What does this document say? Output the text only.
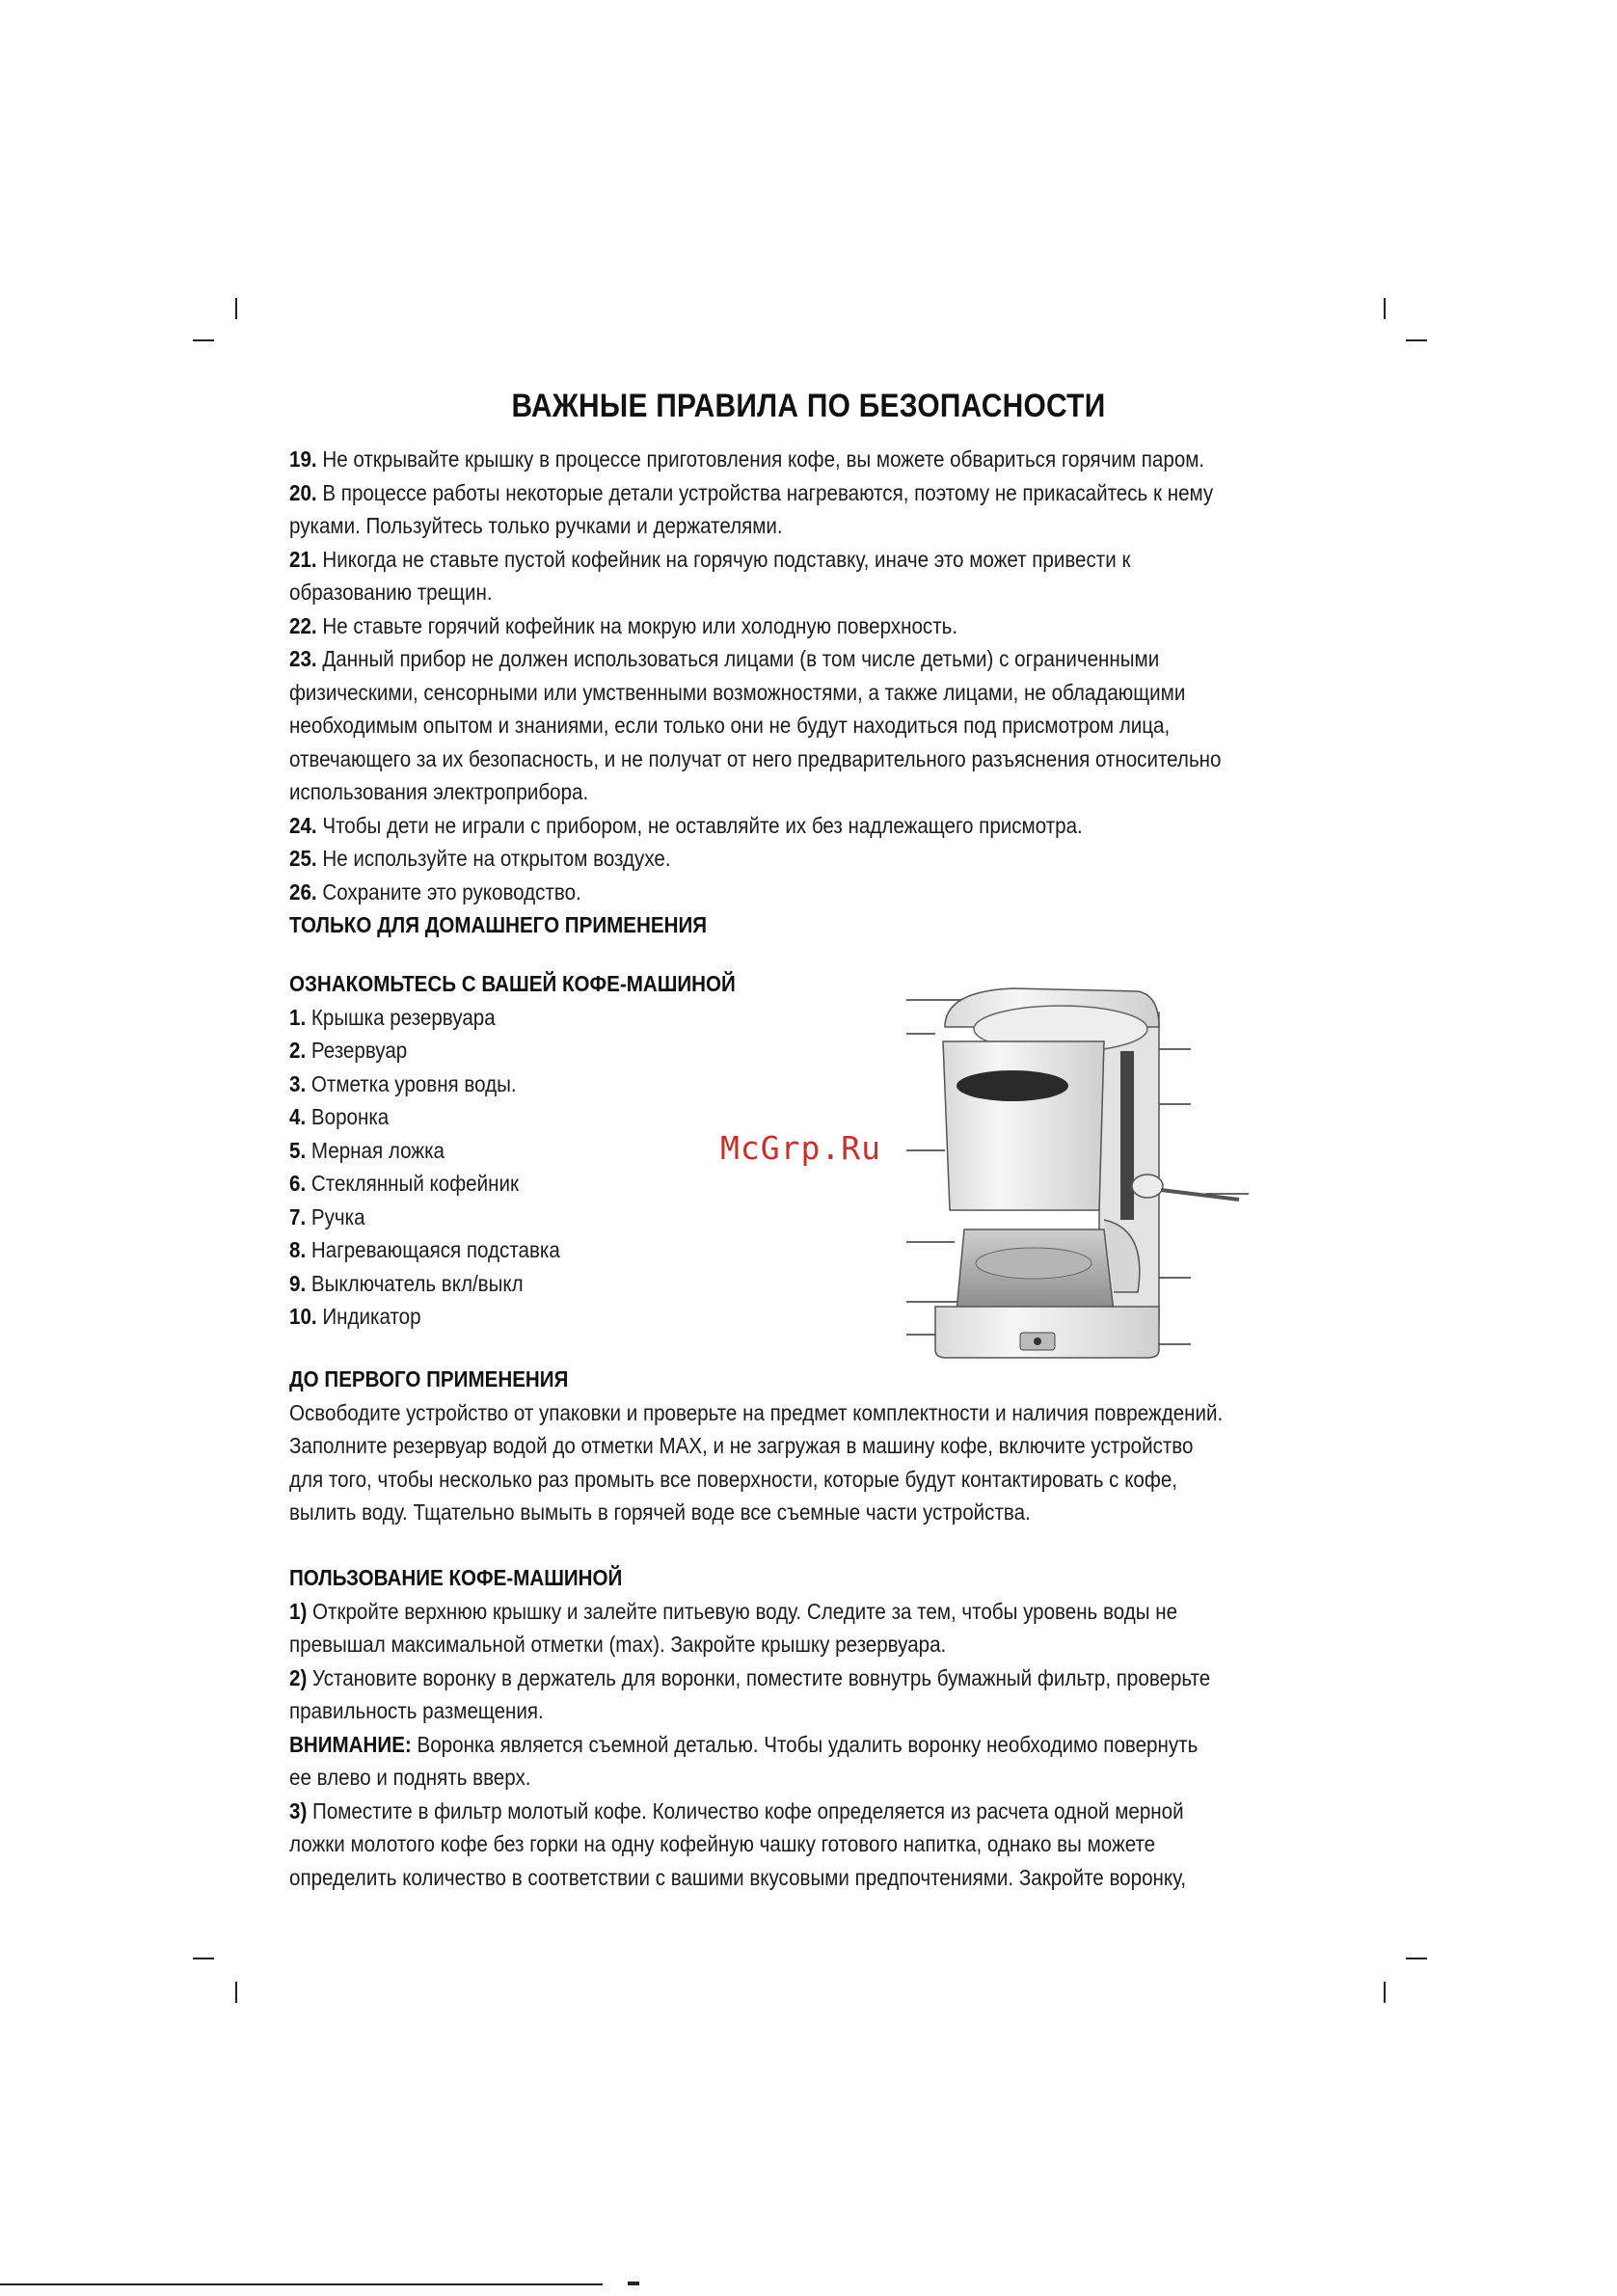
ВАЖНЫЕ ПРАВИЛА ПО БЕЗОПАСНОСТИ

19. Не открывайте крышку в процессе приготовления кофе, вы можете обвариться горячим паром.

20. В процессе работы некоторые детали устройства нагреваются, поэтому не прикасайтесь к нему

руками. Пользуйтесь только ручками и держателями.

21. Никогда не ставьте пустой кофейник на горячую подставку, иначе это может привести к

образованию трещин.

22. Не ставьте горячий кофейник на мокрую или холодную поверхность.

23. Данный прибор не должен использоваться лицами (в том числе детьми) с ограниченными

физическими, сенсорными или умственными возможностями, а также лицами, не обладающими

необходимым опытом и знаниями, если только они не будут находиться под присмотром лица,

отвечающего за их безопасность, и не получат от него предварительного разъяснения относительно

использования электроприбора.

24. Чтобы дети не играли с прибором, не оставляйте их без надлежащего присмотра.

25. Не используйте на открытом воздухе.

26. Сохраните это руководство.

ТОЛЬКО ДЛЯ ДОМАШНЕГО ПРИМЕНЕНИЯ

ОЗНАКОМЬТЕСЬ С ВАШЕЙ КОФЕ-МАШИНОЙ

1. Крышка резервуара
2. Резервуар
3. Отметка уровня воды.
4. Воронка
5. Мерная ложка
6. Стеклянный кофейник
7. Ручка
8. Нагревающаяся подставка
9. Выключатель вкл/выкл
10. Индикатор
McGrp.Ru

ДО ПЕРВОГО ПРИМЕНЕНИЯ

Освободите устройство от упаковки и проверьте на предмет комплектности и наличия повреждений.

Заполните резервуар водой до отметки MAX, и не загружая в машину кофе, включите устройство

для того, чтобы несколько раз промыть все поверхности, которые будут контактировать с кофе,

вылить воду. Тщательно вымыть в горячей воде все съемные части устройства.

ПОЛЬЗОВАНИЕ КОФЕ-МАШИНОЙ

1) Откройте верхнюю крышку и залейте питьевую воду. Следите за тем, чтобы уровень воды не

превышал максимальной отметки (max). Закройте крышку резервуара.

2) Установите воронку в держатель для воронки, поместите вовнутрь бумажный фильтр, проверьте

правильность размещения.

ВНИМАНИЕ: Воронка является съемной деталью. Чтобы удалить воронку необходимо повернуть

ее влево и поднять вверх.

3) Поместите в фильтр молотый кофе. Количество кофе определяется из расчета одной мерной

ложки молотого кофе без горки на одну кофейную чашку готового напитка, однако вы можете

определить количество в соответствии с вашими вкусовыми предпочтениями. Закройте воронку,
